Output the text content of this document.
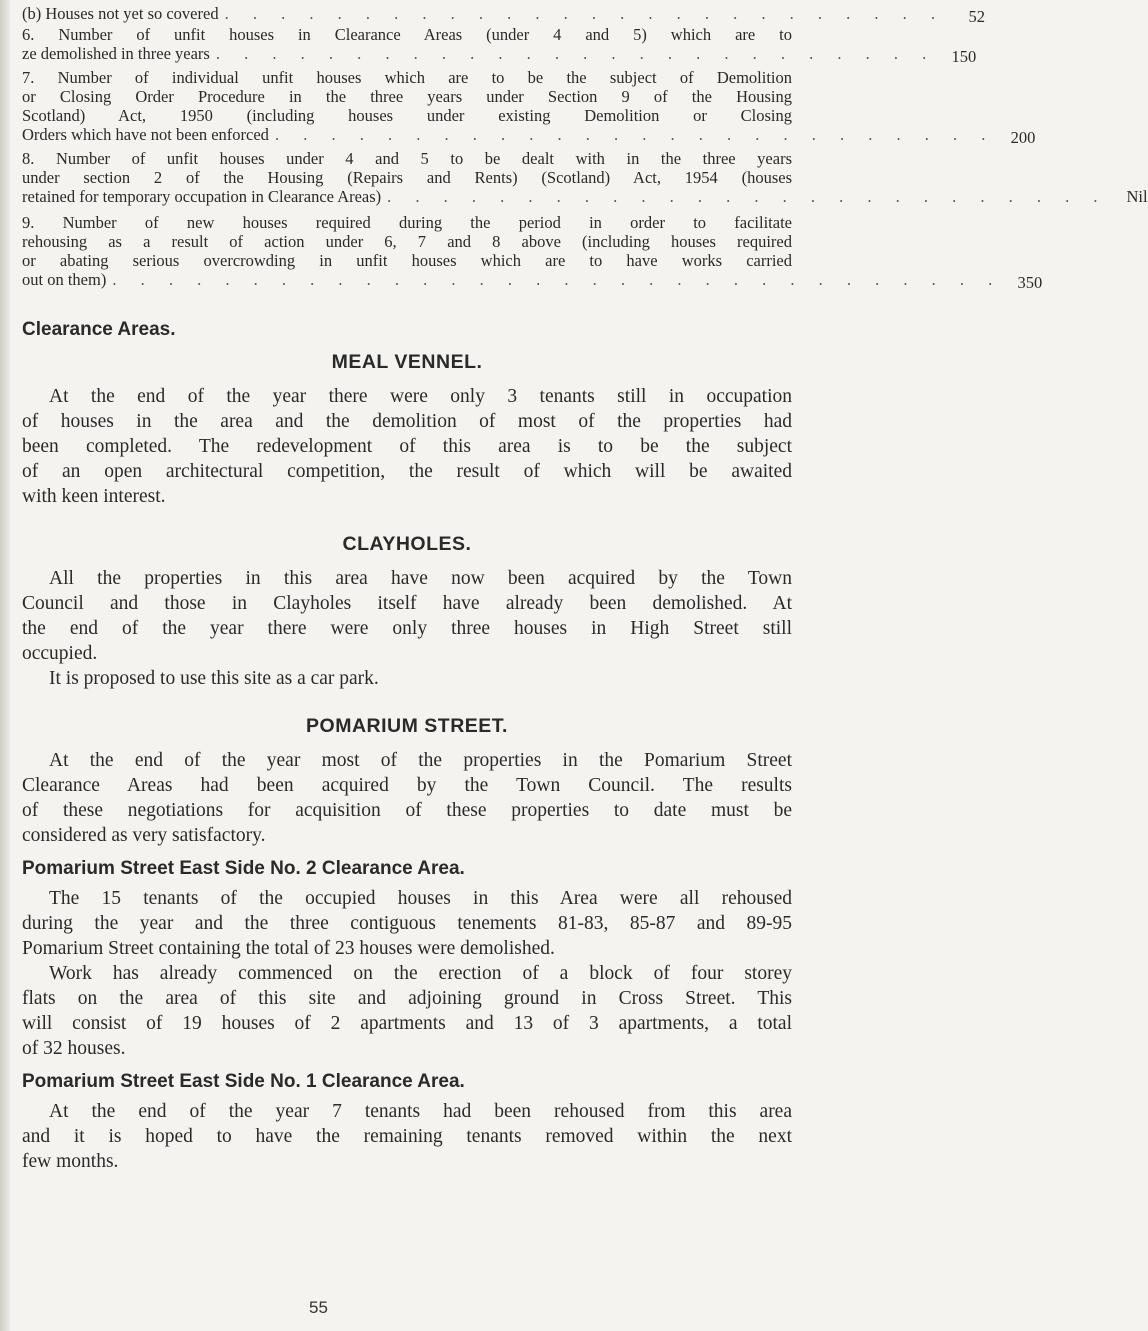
(b) Houses not yet so covered . . . . . . . . . . . . . . . . . . . . . . . . . .	52
6. Number of unfit houses in Clearance Areas (under 4 and 5) which are to
ze demolished in three years . . . . . . . . . . . . . . . . . . . . . . . . . . 150
7. Number of individual unfit houses which are to be the subject of Demolition
or Closing Order Procedure in the three years under Section 9 of the Housing
Scotland) Act, 1950 (including houses under existing Demolition or Closing
Orders which have not been enforced . . . . . . . . . . . . . . . . . . . . . . . . . . 200
8. Number of unfit houses under 4 and 5 to be dealt with in the three years
under section 2 of the Housing (Repairs and Rents) (Scotland) Act, 1954 (houses
retained for temporary occupation in Clearance Areas) . . . . . . . . . . . . . . . . . . . . . . . . . .	Nil
9. Number of new houses required during the period in order to facilitate
rehousing as a result of action under 6, 7 and 8 above (including houses required
or abating serious overcrowding in unfit houses which are to have works carried
out on them) . . . . . . . . . . . . . . . . . . . . . . . . . . . . . . . . 350
Clearance Areas.
MEAL VENNEL.
At the end of the year there were only 3 tenants still in occupation
of houses in the area and the demolition of most of the properties had
been completed. The redevelopment of this area is to be the subject
of an open architectural competition, the result of which will be awaited
with keen interest.
CLAYHOLES.
All the properties in this area have now been acquired by the Town
Council and those in Clayholes itself have already been demolished. At
the end of the year there were only three houses in High Street still
occupied.
It is proposed to use this site as a car park.
POMARIUM STREET.
At the end of the year most of the properties in the Pomarium Street
Clearance Areas had been acquired by the Town Council. The results
of these negotiations for acquisition of these properties to date must be
considered as very satisfactory.
Pomarium Street East Side No. 2 Clearance Area.
The 15 tenants of the occupied houses in this Area were all rehoused
during the year and the three contiguous tenements 81-83, 85-87 and 89-95
Pomarium Street containing the total of 23 houses were demolished.
Work has already commenced on the erection of a block of four storey
flats on the area of this site and adjoining ground in Cross Street. This
will consist of 19 houses of 2 apartments and 13 of 3 apartments, a total
of 32 houses.
Pomarium Street East Side No. 1 Clearance Area.
At the end of the year 7 tenants had been rehoused from this area
and it is hoped to have the remaining tenants removed within the next
few months.
55
